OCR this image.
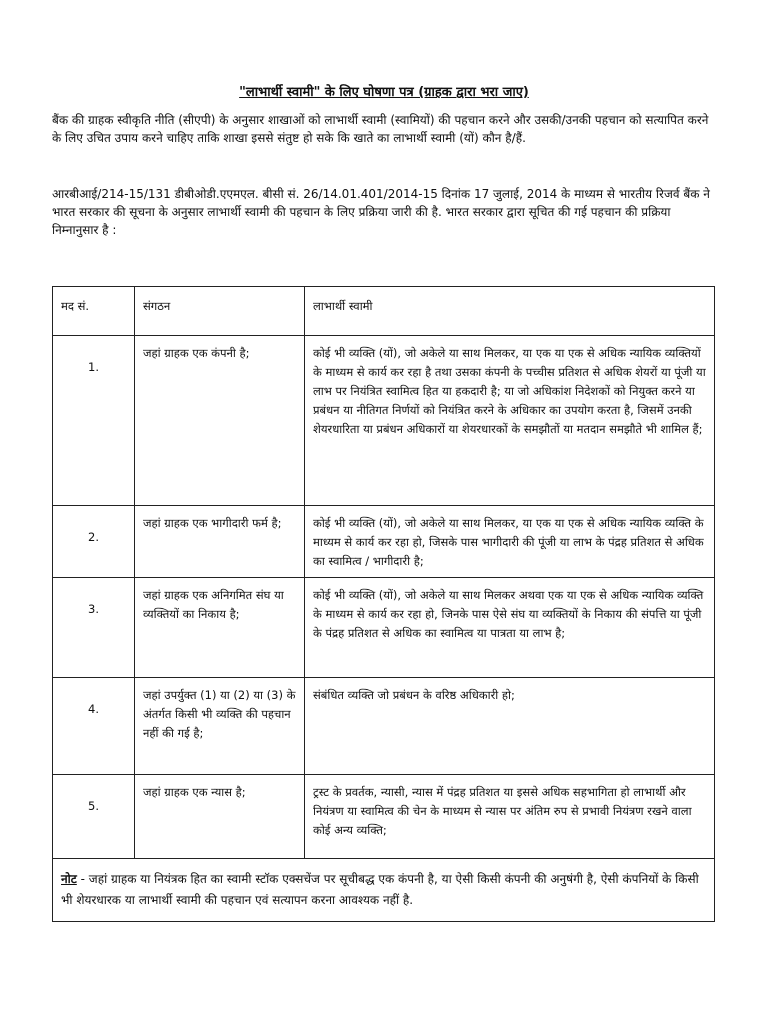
"लाभार्थी स्वामी" के लिए घोषणा पत्र (ग्राहक द्वारा भरा जाए)
बैंक की ग्राहक स्वीकृति नीति (सीएपी) के अनुसार शाखाओं को लाभार्थी स्वामी (स्वामियों) की पहचान करने और उसकी/उनकी पहचान को सत्यापित करने के लिए उचित उपाय करने चाहिए ताकि शाखा इससे संतुष्ट हो सके कि खाते का लाभार्थी स्वामी (यों) कौन है/हैं.
आरबीआई/214-15/131 डीबीओडी.एएमएल. बीसी सं. 26/14.01.401/2014-15 दिनांक 17 जुलाई, 2014 के माध्यम से भारतीय रिजर्व बैंक ने भारत सरकार की सूचना के अनुसार लाभार्थी स्वामी की पहचान के लिए प्रक्रिया जारी की है. भारत सरकार द्वारा सूचित की गई पहचान की प्रक्रिया निम्नानुसार है :
मद सं.	संगठन	लाभार्थी स्वामी
1.	जहां ग्राहक एक कंपनी है;	कोई भी व्यक्ति (यों), जो अकेले या साथ मिलकर, या एक या एक से अधिक न्यायिक व्यक्तियों के माध्यम से कार्य कर रहा है तथा उसका कंपनी के पच्चीस प्रतिशत से अधिक शेयरों या पूंजी या लाभ पर नियंत्रित स्वामित्व हित या हकदारी है; या जो अधिकांश निदेशकों को नियुक्त करने या प्रबंधन या नीतिगत निर्णयों को नियंत्रित करने के अधिकार का उपयोग करता है, जिसमें उनकी शेयरधारिता या प्रबंधन अधिकारों या शेयरधारकों के समझौतों या मतदान समझौते भी शामिल हैं;
2.	जहां ग्राहक एक भागीदारी फर्म है;	कोई भी व्यक्ति (यों), जो अकेले या साथ मिलकर, या एक या एक से अधिक न्यायिक व्यक्ति के माध्यम से कार्य कर रहा हो, जिसके पास भागीदारी की पूंजी या लाभ के पंद्रह प्रतिशत से अधिक का स्वामित्व / भागीदारी है;
3.	जहां ग्राहक एक अनिगमित संघ या व्यक्तियों का निकाय है;	कोई भी व्यक्ति (यों), जो अकेले या साथ मिलकर अथवा एक या एक से अधिक न्यायिक व्यक्ति के माध्यम से कार्य कर रहा हो, जिनके पास ऐसे संघ या व्यक्तियों के निकाय की संपत्ति या पूंजी के पंद्रह प्रतिशत से अधिक का स्वामित्व या पात्रता या लाभ है;
4.	जहां उपर्युक्त (1) या (2) या (3) के अंतर्गत किसी भी व्यक्ति की पहचान नहीं की गई है;	संबंधित व्यक्ति जो प्रबंधन के वरिष्ठ अधिकारी हो;
5.	जहां ग्राहक एक न्यास है;	ट्रस्ट के प्रवर्तक, न्यासी, न्यास में पंद्रह प्रतिशत या इससे अधिक सहभागिता हो लाभार्थी और नियंत्रण या स्वामित्व की चेन के माध्यम से न्यास पर अंतिम रुप से प्रभावी नियंत्रण रखने वाला कोई अन्य व्यक्ति;
नोट - जहां ग्राहक या नियंत्रक हित का स्वामी स्टॉक एक्सचेंज पर सूचीबद्ध एक कंपनी है, या ऐसी किसी कंपनी की अनुषंगी है, ऐसी कंपनियों के किसी भी शेयरधारक या लाभार्थी स्वामी की पहचान एवं सत्यापन करना आवश्यक नहीं है.		
